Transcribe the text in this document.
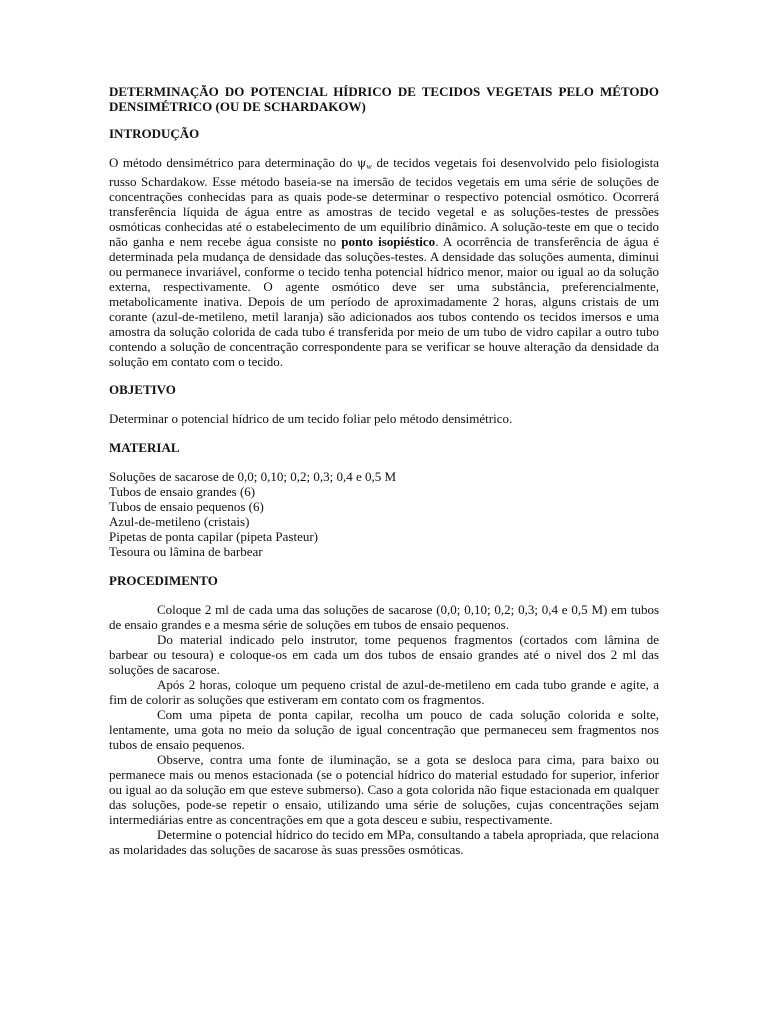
DETERMINAÇÃO DO POTENCIAL HÍDRICO DE TECIDOS VEGETAIS PELO MÉTODO DENSIMÉTRICO (OU DE SCHARDAKOW)
INTRODUÇÃO

O método densimétrico para determinação do $\psi_w$ de tecidos vegetais foi desenvolvido pelo fisiologista russo Schardakow. Esse método baseia-se na imersão de tecidos vegetais em uma série de soluções de concentrações conhecidas para as quais pode-se determinar o respectivo potencial osmótico. Ocorrerá transferência líquida de água entre as amostras de tecido vegetal e as soluções-testes de pressões osmóticas conhecidas até o estabelecimento de um equilíbrio dinâmico. A solução-teste em que o tecido não ganha e nem recebe água consiste no ponto isopiéstico. A ocorrência de transferência de água é determinada pela mudança de densidade das soluções-testes. A densidade das soluções aumenta, diminui ou permanece invariável, conforme o tecido tenha potencial hídrico menor, maior ou igual ao da solução externa, respectivamente. O agente osmótico deve ser uma substância, preferencialmente, metabolicamente inativa. Depois de um período de aproximadamente 2 horas, alguns cristais de um corante (azul-de-metileno, metil laranja) são adicionados aos tubos contendo os tecidos imersos e uma amostra da solução colorida de cada tubo é transferida por meio de um tubo de vidro capilar a outro tubo contendo a solução de concentração correspondente para se verificar se houve alteração da densidade da solução em contato com o tecido.

OBJETIVO

Determinar o potencial hídrico de um tecido foliar pelo método densimétrico.

MATERIAL
Soluções de sacarose de 0,0; 0,10; 0,2; 0,3; 0,4 e 0,5 M
Tubos de ensaio grandes (6)
Tubos de ensaio pequenos (6)
Azul-de-metileno (cristais)
Pipetas de ponta capilar (pipeta Pasteur)
Tesoura ou lâmina de barbear
PROCEDIMENTO

Coloque 2 ml de cada uma das soluções de sacarose (0,0; 0,10; 0,2; 0,3; 0,4 e 0,5 M) em tubos de ensaio grandes e a mesma série de soluções em tubos de ensaio pequenos.

Do material indicado pelo instrutor, tome pequenos fragmentos (cortados com lâmina de barbear ou tesoura) e coloque-os em cada um dos tubos de ensaio grandes até o nivel dos 2 ml das soluções de sacarose.

Após 2 horas, coloque um pequeno cristal de azul-de-metileno em cada tubo grande e agite, a fim de colorir as soluções que estiveram em contato com os fragmentos.

Com uma pipeta de ponta capilar, recolha um pouco de cada solução colorida e solte, lentamente, uma gota no meio da solução de igual concentração que permaneceu sem fragmentos nos tubos de ensaio pequenos.

Observe, contra uma fonte de iluminação, se a gota se desloca para cima, para baixo ou permanece mais ou menos estacionada (se o potencial hídrico do material estudado for superior, inferior ou igual ao da solução em que esteve submerso). Caso a gota colorida não fique estacionada em qualquer das soluções, pode-se repetir o ensaio, utilizando uma série de soluções, cujas concentrações sejam intermediárias entre as concentrações em que a gota desceu e subiu, respectivamente.

Determine o potencial hídrico do tecido em MPa, consultando a tabela apropriada, que relaciona as molaridades das soluções de sacarose às suas pressões osmóticas.
